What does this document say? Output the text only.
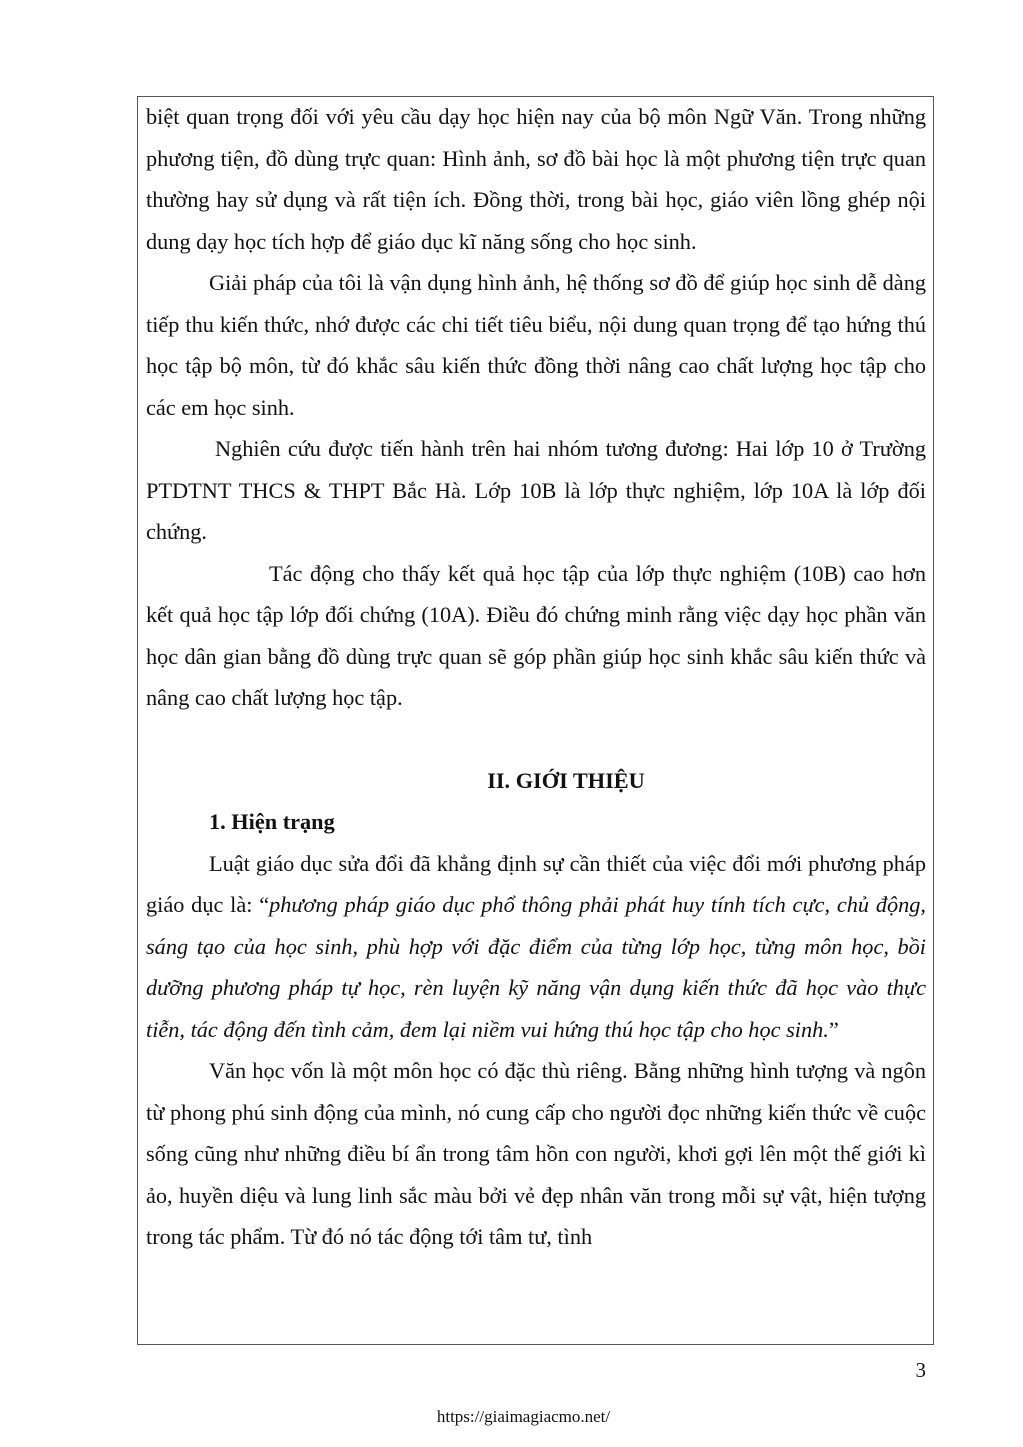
biệt quan trọng đối với yêu cầu dạy học hiện nay của bộ môn Ngữ Văn. Trong những phương tiện, đồ dùng trực quan: Hình ảnh, sơ đồ bài học là một phương tiện trực quan thường hay sử dụng và rất tiện ích. Đồng thời, trong bài học, giáo viên lồng ghép nội dung dạy học tích hợp để giáo dục kĩ năng sống cho học sinh.

Giải pháp của tôi là vận dụng hình ảnh, hệ thống sơ đồ để giúp học sinh dễ dàng tiếp thu kiến thức, nhớ được các chi tiết tiêu biểu, nội dung quan trọng để tạo hứng thú học tập bộ môn, từ đó khắc sâu kiến thức đồng thời nâng cao chất lượng học tập cho các em học sinh.

Nghiên cứu được tiến hành trên hai nhóm tương đương: Hai lớp 10 ở Trường PTDTNT THCS & THPT Bắc Hà. Lớp 10B là lớp thực nghiệm, lớp 10A là lớp đối chứng.

Tác động cho thấy kết quả học tập của lớp thực nghiệm (10B) cao hơn kết quả học tập lớp đối chứng (10A). Điều đó chứng minh rằng việc dạy học phần văn học dân gian bằng đồ dùng trực quan sẽ góp phần giúp học sinh khắc sâu kiến thức và nâng cao chất lượng học tập.

II. GIỚI THIỆU

1. Hiện trạng

Luật giáo dục sửa đổi đã khẳng định sự cần thiết của việc đổi mới phương pháp giáo dục là: “phương pháp giáo dục phổ thông phải phát huy tính tích cực, chủ động, sáng tạo của học sinh, phù hợp với đặc điểm của từng lớp học, từng môn học, bồi dưỡng phương pháp tự học, rèn luyện kỹ năng vận dụng kiến thức đã học vào thực tiễn, tác động đến tình cảm, đem lại niềm vui hứng thú học tập cho học sinh.”

Văn học vốn là một môn học có đặc thù riêng. Bằng những hình tượng và ngôn từ phong phú sinh động của mình, nó cung cấp cho người đọc những kiến thức về cuộc sống cũng như những điều bí ẩn trong tâm hồn con người, khơi gợi lên một thế giới kì ảo, huyền diệu và lung linh sắc màu bởi vẻ đẹp nhân văn trong mỗi sự vật, hiện tượng trong tác phẩm. Từ đó nó tác động tới tâm tư, tình

3
https://giaimagiacmo.net/
